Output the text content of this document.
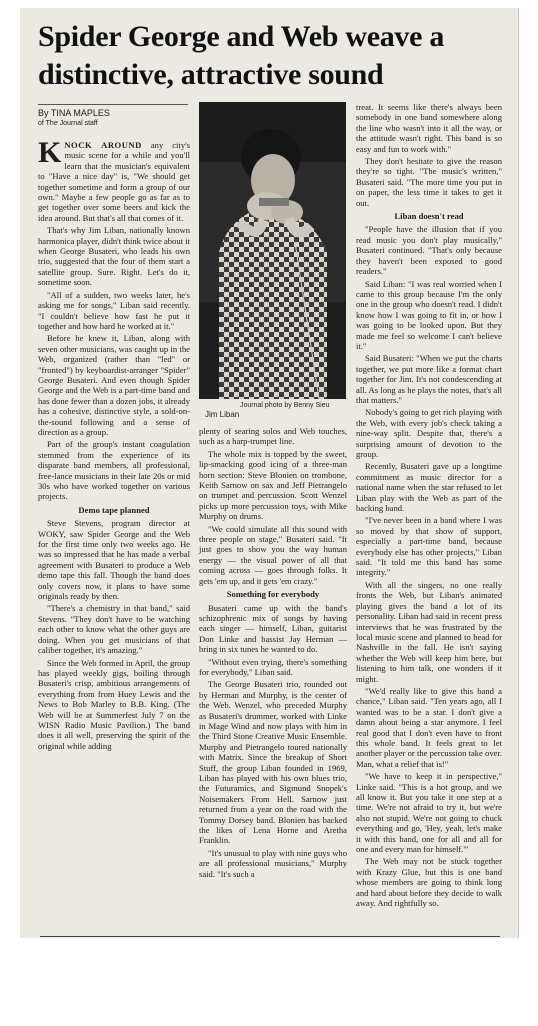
Spider George and Web weave a distinctive, attractive sound
By TINA MAPLES
of The Journal staff

KNOCK AROUND any city's music scene for a while and you'll learn that the musician's equivalent to "Have a nice day" is, "We should get together sometime and form a group of our own." Maybe a few people go as far as to get together over some beers and kick the idea around. But that's all that comes of it.

That's why Jim Liban, nationally known harmonica player, didn't think twice about it when George Busateri, who leads his own trio, suggested that the four of them start a satellite group. Sure. Right. Let's do it, sometime soon.

"All of a sudden, two weeks later, he's asking me for songs," Liban said recently. "I couldn't believe how fast he put it together and how hard he worked at it."

Before he knew it, Liban, along with seven other musicians, was caught up in the Web, organized (rather than "led" or "fronted") by keyboardist-arranger "Spider" George Busateri. And even though Spider George and the Web is a part-time band and has done fewer than a dozen jobs, it already has a cohesive, distinctive style, a sold-on-the-sound following and a sense of direction as a group.

Part of the group's instant coagulation stemmed from the experience of its disparate band members, all professional, free-lance musicians in their late 20s or mid 30s who have worked together on various projects.

Demo tape planned

Steve Stevens, program director at WOKY, saw Spider George and the Web for the first time only two weeks ago. He was so impressed that he has made a verbal agreement with Busateri to produce a Web demo tape this fall. Though the band does only covers now, it plans to have some originals ready by then.

"There's a chemistry in that band," said Stevens. "They don't have to be watching each other to know what the other guys are doing. When you get musicians of that caliber together, it's amazing."

Since the Web formed in April, the group has played weekly gigs, boiling through Busateri's crisp, ambitious arrangements of everything from from Huey Lewis and the News to Bob Marley to B.B. King. (The Web will be at Summerfest July 7 on the WISN Radio Music Pavilion.) The band does it all well, preserving the spirit of the original while adding

Journal photo by Benny Sieu
Jim Liban

plenty of searing solos and Web touches, such as a harp-trumpet line.

The whole mix is topped by the sweet, lip-smacking good icing of a three-man horn section: Steve Blonien on trombone, Keith Sarnow on sax and Jeff Pietrangelo on trumpet and percussion. Scott Wenzel picks up more percussion toys, with Mike Murphy on drums.

"We could simulate all this sound with three people on stage," Busateri said. "It just goes to show you the way human energy — the visual power of all that coming across — goes through folks. It gets 'em up, and it gets 'em crazy."

Something for everybody

Busateri came up with the band's schizophrenic mix of songs by having each singer — himself, Liban, guitarist Don Linke and bassist Jay Herman — bring in six tunes he wanted to do.

"Without even trying, there's something for everybody," Liban said.

The George Busateri trio, rounded out by Herman and Murphy, is the center of the Web. Wenzel, who preceded Murphy as Busateri's drummer, worked with Linke in Mage Wind and now plays with him in the Third Stone Creative Music Ensemble. Murphy and Pietrangelo toured nationally with Matrix. Since the breakup of Short Stuff, the group Liban founded in 1969, Liban has played with his own blues trio, the Futuramics, and Sigmund Snopek's Noisemakers From Hell. Sarnow just returned from a year on the road with the Tommy Dorsey band. Blonien has backed the likes of Lena Horne and Aretha Franklin.

"It's unusual to play with nine guys who are all professional musicians," Murphy said. "It's such a

treat. It seems like there's always been somebody in one band somewhere along the line who wasn't into it all the way, or the attitude wasn't right. This band is so easy and fun to work with."

They don't hesitate to give the reason they're so tight. "The music's written," Busateri said. "The more time you put in on paper, the less time it takes to get it out.

Liban doesn't read

"People have the illusion that if you read music you don't play musically," Busateri continued. "That's only because they haven't been exposed to good readers."

Said Liban: "I was real worried when I came to this group because I'm the only one in the group who doesn't read. I didn't know how I was going to fit in, or how I was going to be looked upon. But they made me feel so welcome I can't believe it."

Said Busateri: "When we put the charts together, we put more like a format chart together for Jim. It's not condescending at all. As long as he plays the notes, that's all that matters."

Nobody's going to get rich playing with the Web, with every job's check taking a nine-way split. Despite that, there's a surprising amount of devotion to the group.

Recently, Busateri gave up a longtime commitment as music director for a national name when the star refused to let Liban play with the Web as part of the backing band.

"I've never been in a band where I was so moved by that show of support, especially a part-time band, because everybody else has other projects," Liban said. "It told me this band has some integrity."

With all the singers, no one really fronts the Web, but Liban's animated playing gives the band a lot of its personality. Liban had said in recent press interviews that he was frustrated by the local music scene and planned to head for Nashville in the fall. He isn't saying whether the Web will keep him here, but listening to him talk, one wonders if it might.

"We'd really like to give this band a chance," Liban said. "Ten years ago, all I wanted was to be a star. I don't give a damn about being a star anymore. I feel real good that I don't even have to front this whole band. It feels great to let another player or the percussion take over. Man, what a relief that is!"

"We have to keep it in perspective," Linke said. "This is a hot group, and we all know it. But you take it one step at a time. We're not afraid to try it, but we're also not stupid. We're not going to chuck everything and go, 'Hey, yeah, let's make it with this band, one for all and all for one and every man for himself.'"

The Web may not be stuck together with Krazy Glue, but this is one band whose members are going to think long and hard about before they decide to walk away. And rightfully so.
